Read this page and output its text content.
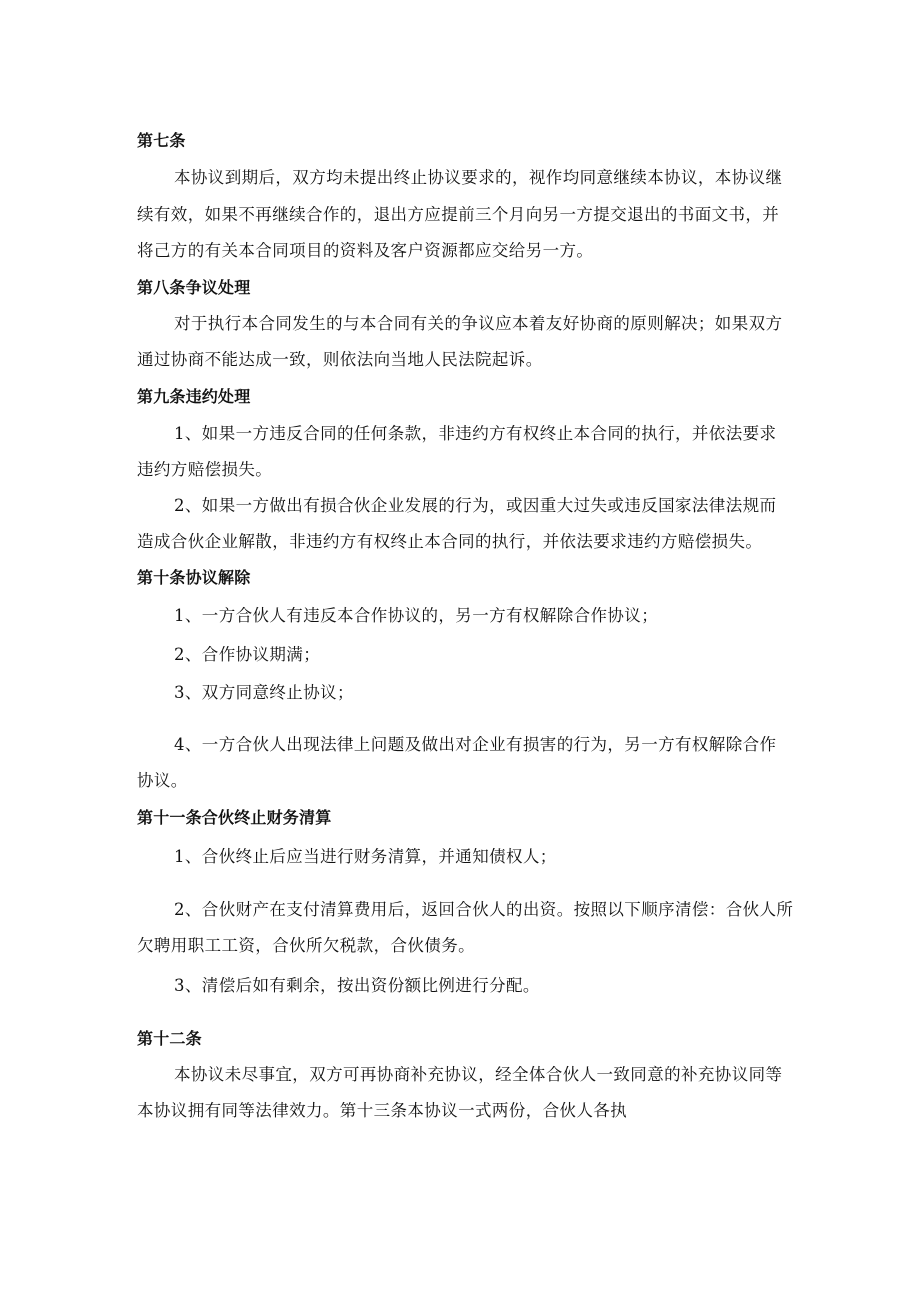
第七条
本协议到期后，双方均未提出终止协议要求的，视作均同意继续本协议，本协议继
续有效，如果不再继续合作的，退出方应提前三个月向另一方提交退出的书面文书，并
将己方的有关本合同项目的资料及客户资源都应交给另一方。
第八条争议处理
对于执行本合同发生的与本合同有关的争议应本着友好协商的原则解决；如果双方
通过协商不能达成一致，则依法向当地人民法院起诉。
第九条违约处理
1、如果一方违反合同的任何条款，非违约方有权终止本合同的执行，并依法要求
违约方赔偿损失。
2、如果一方做出有损合伙企业发展的行为，或因重大过失或违反国家法律法规而
造成合伙企业解散，非违约方有权终止本合同的执行，并依法要求违约方赔偿损失。
第十条协议解除
1、一方合伙人有违反本合作协议的，另一方有权解除合作协议；
2、合作协议期满；
3、双方同意终止协议；
4、一方合伙人出现法律上问题及做出对企业有损害的行为，另一方有权解除合作
协议。
第十一条合伙终止财务清算
1、合伙终止后应当进行财务清算，并通知债权人；
2、合伙财产在支付清算费用后，返回合伙人的出资。按照以下顺序清偿：合伙人所
欠聘用职工工资，合伙所欠税款，合伙债务。
3、清偿后如有剩余，按出资份额比例进行分配。
第十二条
本协议未尽事宜，双方可再协商补充协议，经全体合伙人一致同意的补充协议同等
本协议拥有同等法律效力。第十三条本协议一式两份，合伙人各执
